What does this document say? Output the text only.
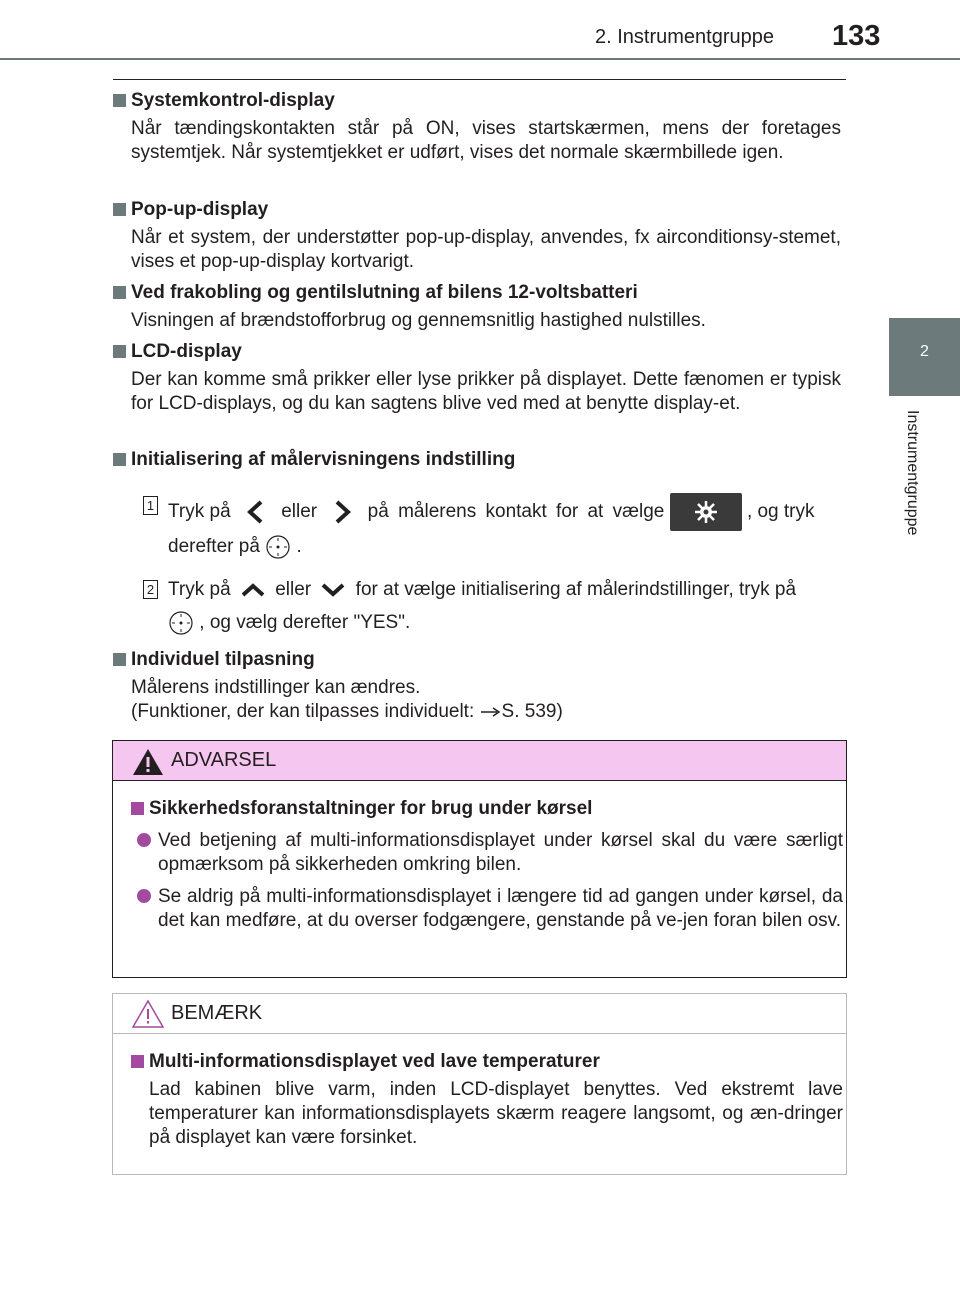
2. Instrumentgruppe 133
2
Instrumentgruppe
Systemkontrol-display
Når tændingskontakten står på ON, vises startskærmen, mens der foretages systemtjek. Når systemtjekket er udført, vises det normale skærmbillede igen.
Pop-up-display
Når et system, der understøtter pop-up-display, anvendes, fx airconditionsy-stemet, vises et pop-up-display kortvarigt.
Ved frakobling og gentilslutning af bilens 12-voltsbatteri
Visningen af brændstofforbrug og gennemsnitlig hastighed nulstilles.
LCD-display
Der kan komme små prikker eller lyse prikker på displayet. Dette fænomen er typisk for LCD-displays, og du kan sagtens blive ved med at benytte display-et.
Initialisering af målervisningens indstilling
1 Tryk på	eller	på målerens kontakt for at vælge	, og tryk
derefter på .
2 Tryk på eller for at vælge initialisering af målerindstillinger, tryk på
, og vælg derefter "YES".
Individuel tilpasning
Målerens indstillinger kan ændres.
(Funktioner, der kan tilpasses individuelt: S. 539)
ADVARSEL
Sikkerhedsforanstaltninger for brug under kørsel
Ved betjening af multi-informationsdisplayet under kørsel skal du være særligt opmærksom på sikkerheden omkring bilen.
Se aldrig på multi-informationsdisplayet i længere tid ad gangen under kørsel, da det kan medføre, at du overser fodgængere, genstande på ve-jen foran bilen osv.
BEMÆRK
Multi-informationsdisplayet ved lave temperaturer
Lad kabinen blive varm, inden LCD-displayet benyttes. Ved ekstremt lave temperaturer kan informationsdisplayets skærm reagere langsomt, og æn-dringer på displayet kan være forsinket.
